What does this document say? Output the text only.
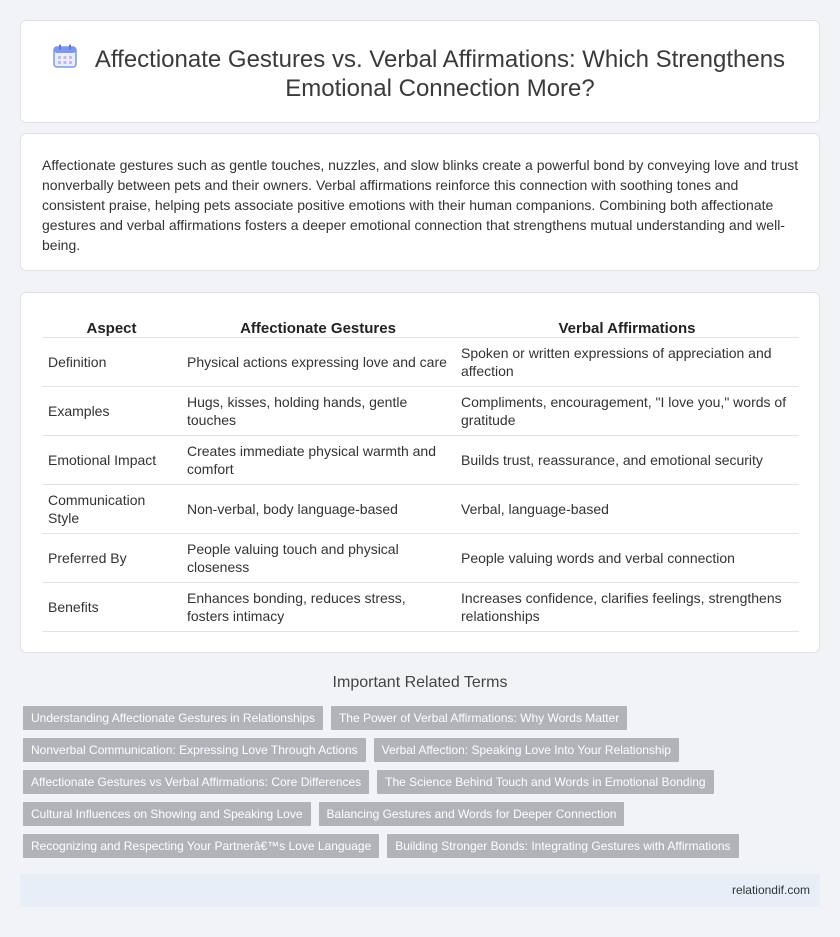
Affectionate Gestures vs. Verbal Affirmations: Which Strengthens Emotional Connection More?

Affectionate gestures such as gentle touches, nuzzles, and slow blinks create a powerful bond by conveying love and trust nonverbally between pets and their owners. Verbal affirmations reinforce this connection with soothing tones and consistent praise, helping pets associate positive emotions with their human companions. Combining both affectionate gestures and verbal affirmations fosters a deeper emotional connection that strengthens mutual understanding and well-being.

Aspect	Affectionate Gestures	Verbal Affirmations
Definition	Physical actions expressing love and care	Spoken or written expressions of appreciation and affection
Examples	Hugs, kisses, holding hands, gentle touches	Compliments, encouragement, "I love you," words of gratitude
Emotional Impact	Creates immediate physical warmth and comfort	Builds trust, reassurance, and emotional security
Communication Style	Non-verbal, body language-based	Verbal, language-based
Preferred By	People valuing touch and physical closeness	People valuing words and verbal connection
Benefits	Enhances bonding, reduces stress, fosters intimacy	Increases confidence, clarifies feelings, strengthens relationships
Important Related Terms
Understanding Affectionate Gestures in Relationships	The Power of Verbal Affirmations: Why Words Matter
Nonverbal Communication: Expressing Love Through Actions	Verbal Affection: Speaking Love Into Your Relationship
Affectionate Gestures vs Verbal Affirmations: Core Differences	The Science Behind Touch and Words in Emotional Bonding
Cultural Influences on Showing and Speaking Love	Balancing Gestures and Words for Deeper Connection
Recognizing and Respecting Your Partnerâ€™s Love Language	Building Stronger Bonds: Integrating Gestures with Affirmations
relationdif.com
